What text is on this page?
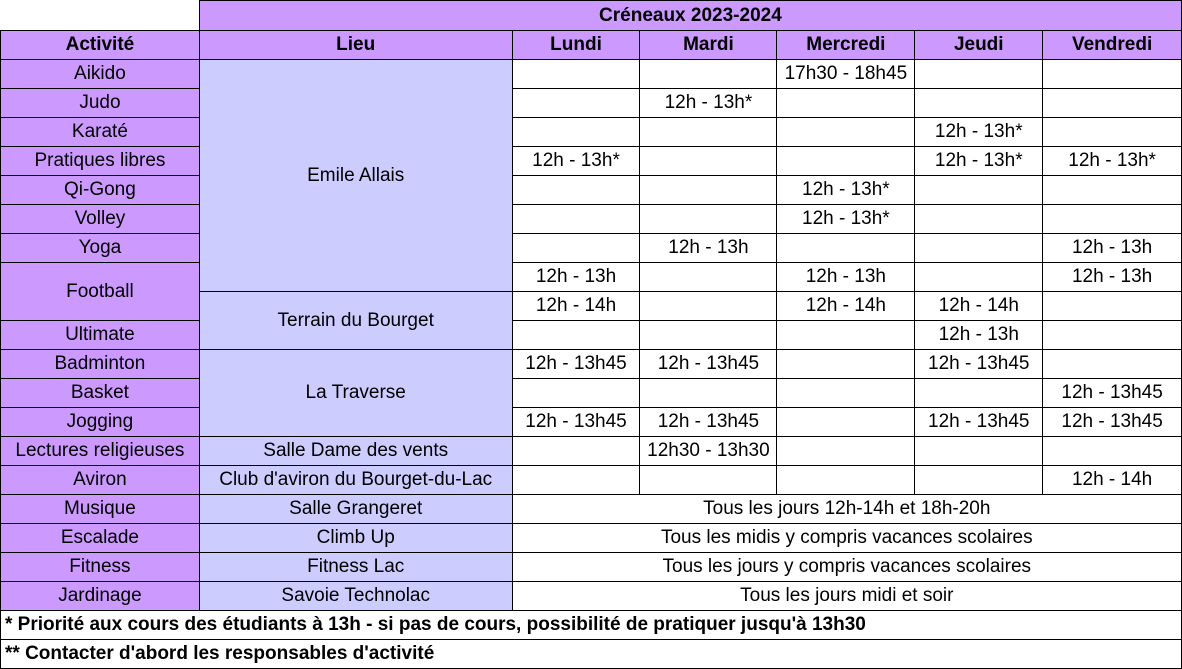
	Créneaux 2023-2024					
Activité	Lieu	Lundi	Mardi	Mercredi	Jeudi	Vendredi
Aikido	Emile Allais			17h30 - 18h45		
Judo			12h - 13h*			
Karaté					12h - 13h*	
Pratiques libres		12h - 13h*			12h - 13h*	12h - 13h*
Qi-Gong				12h - 13h*		
Volley				12h - 13h*		
Yoga			12h - 13h			12h - 13h
Football		12h - 13h		12h - 13h		12h - 13h
	Terrain du Bourget	12h - 14h		12h - 14h	12h - 14h	
Ultimate					12h - 13h	
Badminton	La Traverse	12h - 13h45	12h - 13h45		12h - 13h45	
Basket						12h - 13h45
Jogging		12h - 13h45	12h - 13h45		12h - 13h45	12h - 13h45
Lectures religieuses	Salle Dame des vents		12h30 - 13h30			
Aviron	Club d'aviron du Bourget-du-Lac					12h - 14h
Musique	Salle Grangeret	Tous les jours 12h-14h et 18h-20h				
Escalade	Climb Up	Tous les midis y compris vacances scolaires				
Fitness	Fitness Lac	Tous les jours y compris vacances scolaires				
Jardinage	Savoie Technolac	Tous les jours midi et soir				
* Priorité aux cours des étudiants à 13h - si pas de cours, possibilité de pratiquer jusqu'à 13h30						
** Contacter d'abord les responsables d'activité						
